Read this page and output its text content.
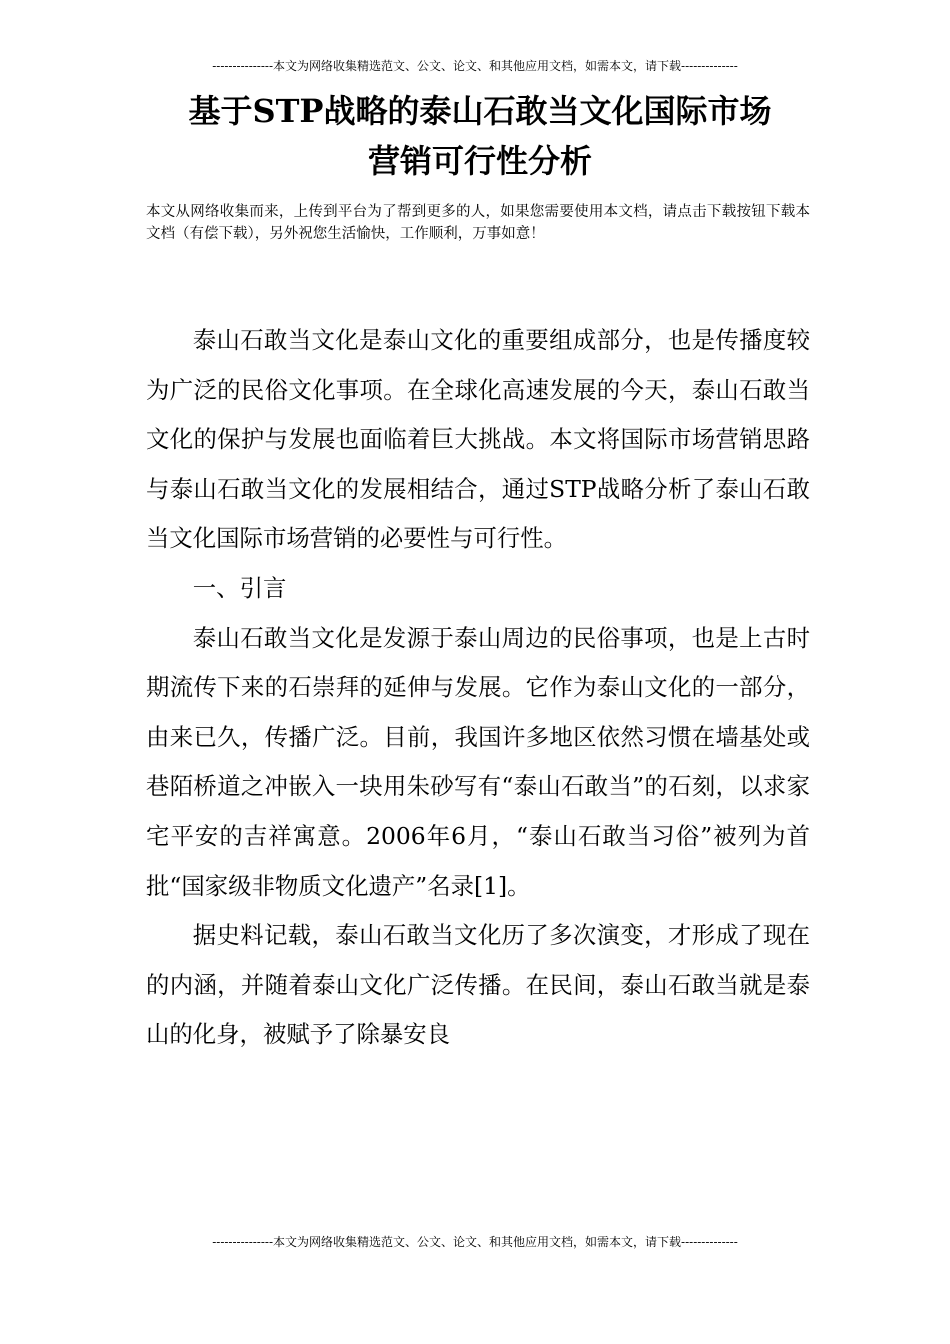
---------------本文为网络收集精选范文、公文、论文、和其他应用文档，如需本文，请下载--------------
基于STP战略的泰山石敢当文化国际市场
营销可行性分析
本文从网络收集而来，上传到平台为了帮到更多的人，如果您需要使用本文档，请点击下载按钮下载本文档（有偿下载），另外祝您生活愉快，工作顺利，万事如意！

泰山石敢当文化是泰山文化的重要组成部分，也是传播度较为广泛的民俗文化事项。在全球化高速发展的今天，泰山石敢当文化的保护与发展也面临着巨大挑战。本文将国际市场营销思路与泰山石敢当文化的发展相结合，通过STP战略分析了泰山石敢当文化国际市场营销的必要性与可行性。

一、引言

泰山石敢当文化是发源于泰山周边的民俗事项，也是上古时期流传下来的石崇拜的延伸与发展。它作为泰山文化的一部分，由来已久，传播广泛。目前，我国许多地区依然习惯在墙基处或巷陌桥道之冲嵌入一块用朱砂写有“泰山石敢当”的石刻，以求家宅平安的吉祥寓意。2006年6月，“泰山石敢当习俗”被列为首批“国家级非物质文化遗产”名录[1]。

据史料记载，泰山石敢当文化历了多次演变，才形成了现在的内涵，并随着泰山文化广泛传播。在民间，泰山石敢当就是泰山的化身，被赋予了除暴安良

---------------本文为网络收集精选范文、公文、论文、和其他应用文档，如需本文，请下载--------------
